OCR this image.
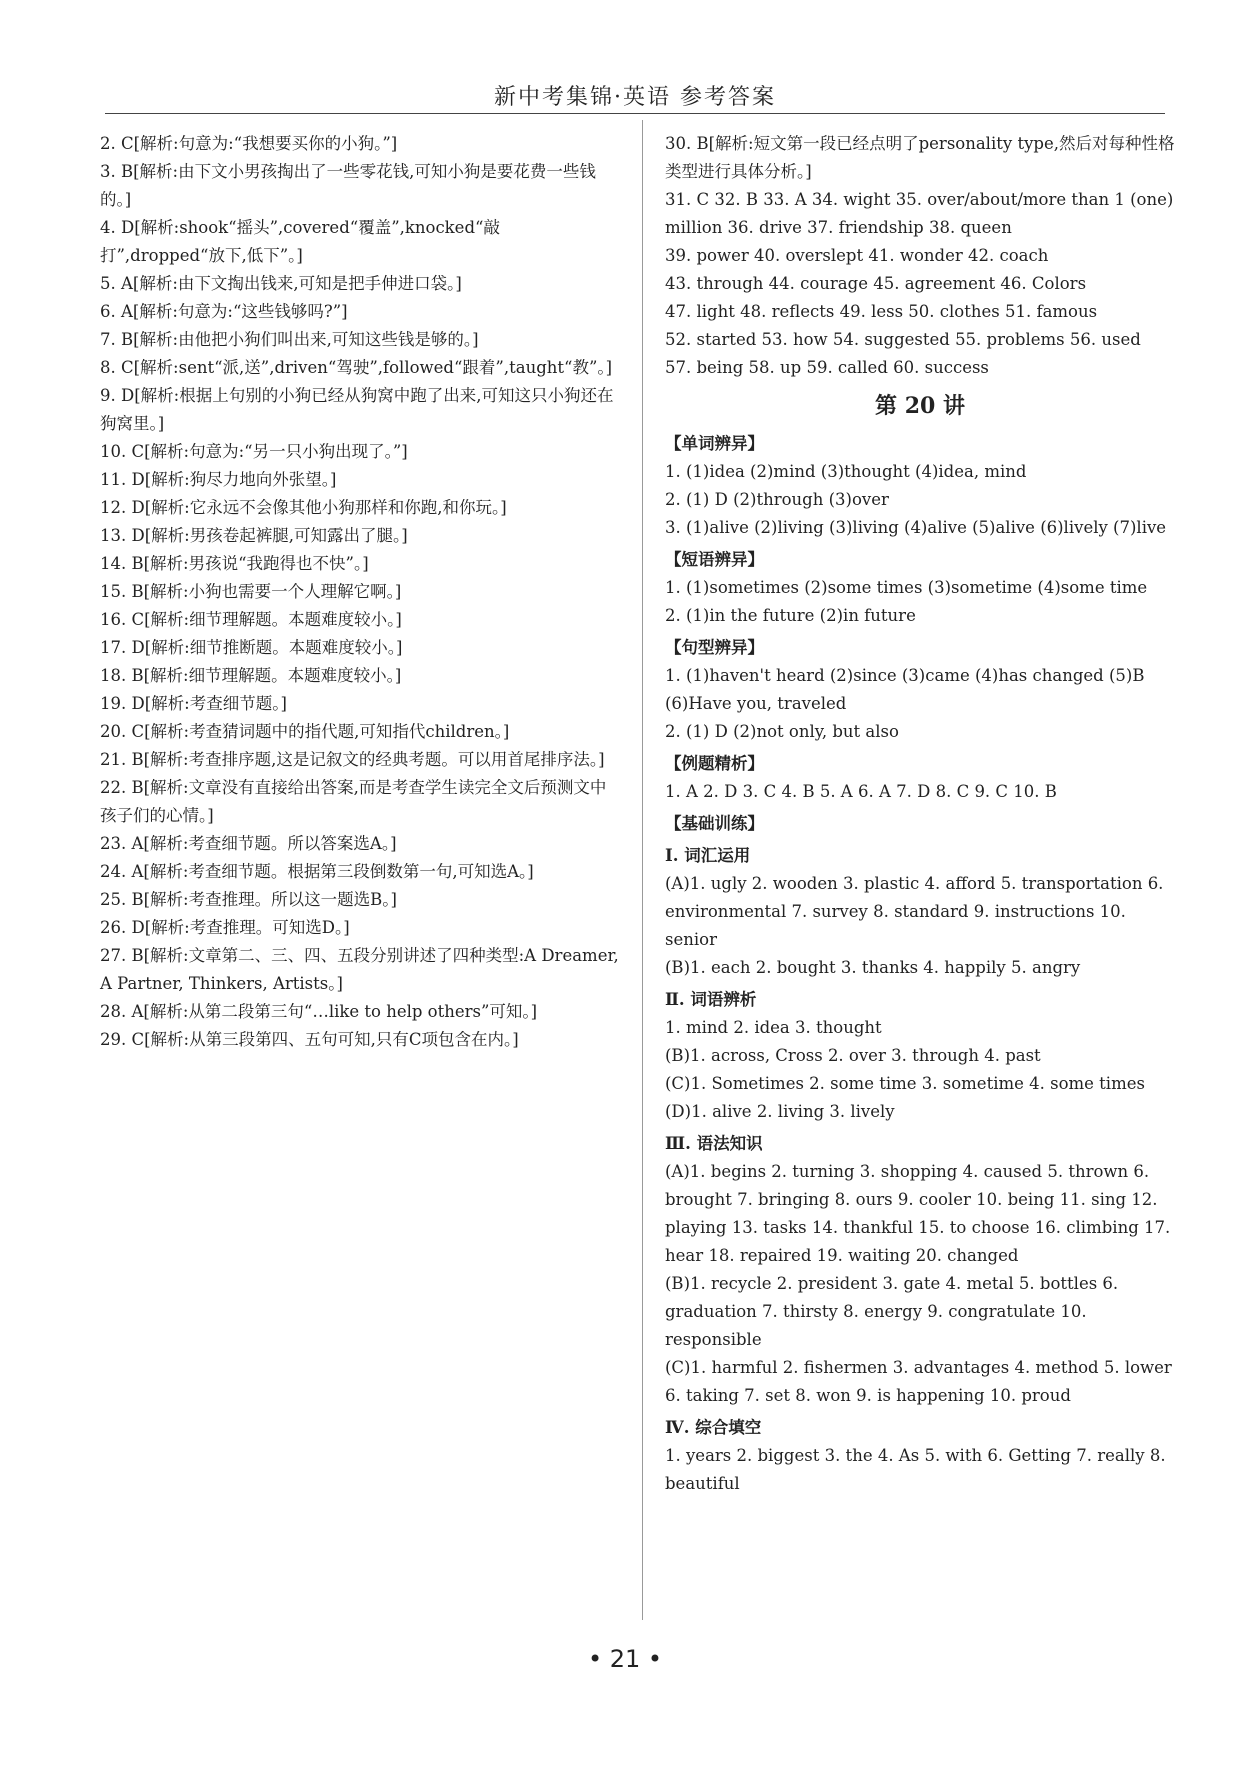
新中考集锦·英语 参考答案
2. C[解析:句意为:“我想要买你的小狗。”]
3. B[解析:由下文小男孩掏出了一些零花钱,可知小狗是要花费一些钱的。]
4. D[解析:shook“摇头”,covered“覆盖”,knocked“敲打”,dropped“放下,低下”。]
5. A[解析:由下文掏出钱来,可知是把手伸进口袋。]
6. A[解析:句意为:“这些钱够吗?”]
7. B[解析:由他把小狗们叫出来,可知这些钱是够的。]
8. C[解析:sent“派,送”,driven“驾驶”,followed“跟着”,taught“教”。]
9. D[解析:根据上句别的小狗已经从狗窝中跑了出来,可知这只小狗还在狗窝里。]
10. C[解析:句意为:“另一只小狗出现了。”]
11. D[解析:狗尽力地向外张望。]
12. D[解析:它永远不会像其他小狗那样和你跑,和你玩。]
13. D[解析:男孩卷起裤腿,可知露出了腿。]
14. B[解析:男孩说“我跑得也不快”。]
15. B[解析:小狗也需要一个人理解它啊。]
16. C[解析:细节理解题。本题难度较小。]
17. D[解析:细节推断题。本题难度较小。]
18. B[解析:细节理解题。本题难度较小。]
19. D[解析:考查细节题。]
20. C[解析:考查猜词题中的指代题,可知指代children。]
21. B[解析:考查排序题,这是记叙文的经典考题。可以用首尾排序法。]
22. B[解析:文章没有直接给出答案,而是考查学生读完全文后预测文中孩子们的心情。]
23. A[解析:考查细节题。所以答案选A。]
24. A[解析:考查细节题。根据第三段倒数第一句,可知选A。]
25. B[解析:考查推理。所以这一题选B。]
26. D[解析:考查推理。可知选D。]
27. B[解析:文章第二、三、四、五段分别讲述了四种类型:A Dreamer, A Partner, Thinkers, Artists。]
28. A[解析:从第二段第三句“…like to help others”可知。]
29. C[解析:从第三段第四、五句可知,只有C项包含在内。]
30. B[解析:短文第一段已经点明了personality type,然后对每种性格类型进行具体分析。]
31. C 32. B 33. A 34. wight 35. over/about/more than 1 (one) million 36. drive 37. friendship 38. queen
39. power 40. overslept 41. wonder 42. coach
43. through 44. courage 45. agreement 46. Colors
47. light 48. reflects 49. less 50. clothes 51. famous
52. started 53. how 54. suggested 55. problems 56. used
57. being 58. up 59. called 60. success
第 20 讲
【单词辨异】
1. (1)idea (2)mind (3)thought (4)idea, mind
2. (1) D (2)through (3)over
3. (1)alive (2)living (3)living (4)alive (5)alive (6)lively (7)live
【短语辨异】
1. (1)sometimes (2)some times (3)sometime (4)some time
2. (1)in the future (2)in future
【句型辨异】
1. (1)haven't heard (2)since (3)came (4)has changed (5)B (6)Have you, traveled
2. (1) D (2)not only, but also
【例题精析】
1. A 2. D 3. C 4. B 5. A 6. A 7. D 8. C 9. C 10. B
【基础训练】
Ⅰ. 词汇运用
(A)1. ugly 2. wooden 3. plastic 4. afford 5. transportation 6. environmental 7. survey 8. standard 9. instructions 10. senior
(B)1. each 2. bought 3. thanks 4. happily 5. angry
Ⅱ. 词语辨析
1. mind 2. idea 3. thought
(B)1. across, Cross 2. over 3. through 4. past
(C)1. Sometimes 2. some time 3. sometime 4. some times
(D)1. alive 2. living 3. lively
Ⅲ. 语法知识
(A)1. begins 2. turning 3. shopping 4. caused 5. thrown 6. brought 7. bringing 8. ours 9. cooler 10. being 11. sing 12. playing 13. tasks 14. thankful 15. to choose 16. climbing 17. hear 18. repaired 19. waiting 20. changed
(B)1. recycle 2. president 3. gate 4. metal 5. bottles 6. graduation 7. thirsty 8. energy 9. congratulate 10. responsible
(C)1. harmful 2. fishermen 3. advantages 4. method 5. lower 6. taking 7. set 8. won 9. is happening 10. proud
Ⅳ. 综合填空
1. years 2. biggest 3. the 4. As 5. with 6. Getting 7. really 8. beautiful
• 21 •
